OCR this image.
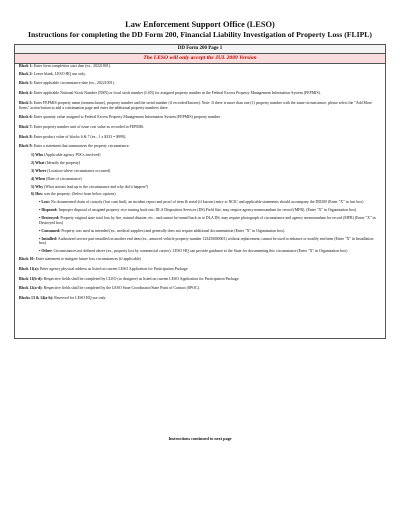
Law Enforcement Support Office (LESO)
Instructions for completing the DD Form 200, Financial Liability Investigation of Property Loss (FLIPL)
DD Form 200 Page 1
The LESO will only accept the JUL 2009 Version

Block 1: Enter form completion start date (ex., 20221001).

Block 2: Leave blank, LESO HQ use only.

Block 3: Enter applicable circumstance date (ex., 20221001).

Block 4: Enter applicable National Stock Number (NSN) or local stock number (LSN) for assigned property number in the Federal Excess Property Management Information System (FEPMIS).

Block 5: Enter FEPMIS property name (nomenclature), property number and the serial number (if recorded/known). Note: If there is more than one (1) property number with the same circumstance, please select the "Add More Items" action button to add a continuation page and enter the additional property numbers there.

Block 6: Enter quantity value assigned to Federal Excess Property Management Information System (FEPMIS) property number.

Block 7: Enter property number unit of issue cost value as recorded in FEPMIS.

Block 8: Enter product value of blocks 6 & 7 (ex., 1 x $333 = $999).

Block 9: Enter a statement that summarizes the property circumstance:

1) Who (Applicable agency POCs involved)

2) What (Identify the property)

3) Where (Location where circumstance occurred)

4) When (Date of circumstance)

5) Why (What actions lead up to the circumstance and why did it happen?)

6) How was the property: (Select from below options)

• Lost: No documented chain of custody (lost cant find), an incident report and proof of item & serial (if known) entry to NCIC and applicable statements should accompany the DD200 (Enter "X" in lost box)

• Disposed: Improper disposal of assigned property vice turning back into DLA Disposition Services (DS) Field Site, may require agency memorandum for record (MFR). (Enter "X" in Organization box)

• Destroyed: Property original state total loss by fire, natural disaster, etc., and cannot be turned back in to DLA DS, may require photograph of circumstance and agency memorandum for record (MFR) (Enter "X" in Destroyed box)

• Consumed: Property was used as intended (ex., medical supplies) and generally does not require additional documentation (Enter "X" in Organization box).

• Installed: Authorized service part installed on another end item (ex., armored vehicle property number 12345M00001) without replacement, cannot be used to enhance or modify end item (Enter "X" in Installation box)

• Other: Circumstances not defined above (ex., property lost by commercial carrier), LESO HQ can provide guidance to the State for documenting this circumstance (Enter "X" in Organization box)

Block 10: Enter statement to mitigate future loss circumstances (if applicable)

Block 11(a): Enter agency physical address as listed on current LESO Application for Participation Package.

Block 11(b-d): Respective fields shall be completed by CLEO (or designee) as listed on current LESO Application for Participation Package.

Block 12(a-d): Respective fields shall be completed by the LESO State Coordinator/State Point of Contact (SPOC).

Blocks 13 & 14(a-h): Reserved for LESO HQ use only

Instructions continued to next page
